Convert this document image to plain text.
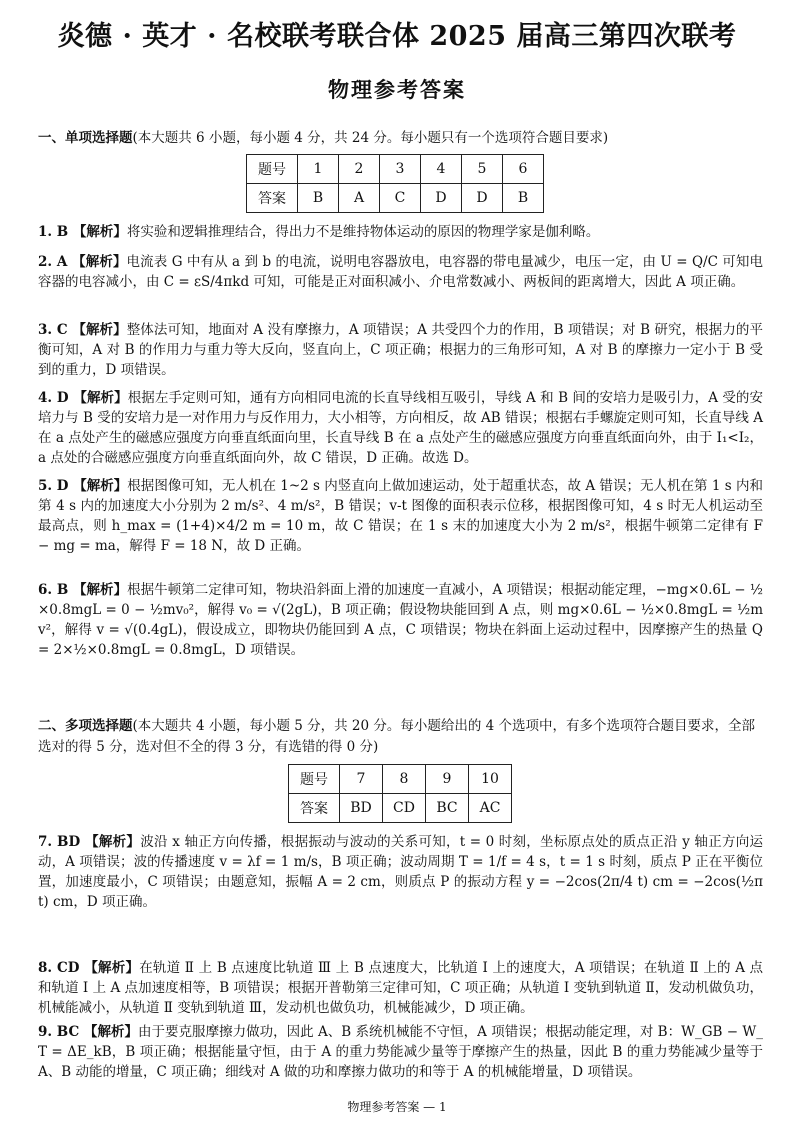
炎德 · 英才 · 名校联考联合体 2025 届高三第四次联考
物理参考答案
一、单项选择题(本大题共 6 小题，每小题 4 分，共 24 分。每小题只有一个选项符合题目要求)
题号	1	2	3	4	5	6
答案	B	A	C	D	D	B
1. B 【解析】将实验和逻辑推理结合，得出力不是维持物体运动的原因的物理学家是伽利略。
2. A 【解析】电流表 G 中有从 a 到 b 的电流，说明电容器放电，电容器的带电量减少，电压一定，由 U = Q/C 可知电容器的电容减小，由 C = εS/4πkd 可知，可能是正对面积减小、介电常数减小、两板间的距离增大，因此 A 项正确。
3. C 【解析】整体法可知，地面对 A 没有摩擦力，A 项错误；A 共受四个力的作用，B 项错误；对 B 研究，根据力的平衡可知，A 对 B 的作用力与重力等大反向，竖直向上，C 项正确；根据力的三角形可知，A 对 B 的摩擦力一定小于 B 受到的重力，D 项错误。
4. D 【解析】根据左手定则可知，通有方向相同电流的长直导线相互吸引，导线 A 和 B 间的安培力是吸引力，A 受的安培力与 B 受的安培力是一对作用力与反作用力，大小相等，方向相反，故 AB 错误；根据右手螺旋定则可知，长直导线 A 在 a 点处产生的磁感应强度方向垂直纸面向里，长直导线 B 在 a 点处产生的磁感应强度方向垂直纸面向外，由于 I₁<I₂，a 点处的合磁感应强度方向垂直纸面向外，故 C 错误，D 正确。故选 D。
5. D 【解析】根据图像可知，无人机在 1~2 s 内竖直向上做加速运动，处于超重状态，故 A 错误；无人机在第 1 s 内和第 4 s 内的加速度大小分别为 2 m/s²、4 m/s²，B 错误；v-t 图像的面积表示位移，根据图像可知，4 s 时无人机运动至最高点，则 h_max = (1+4)×4/2 m = 10 m，故 C 错误；在 1 s 末的加速度大小为 2 m/s²，根据牛顿第二定律有 F − mg = ma，解得 F = 18 N，故 D 正确。
6. B 【解析】根据牛顿第二定律可知，物块沿斜面上滑的加速度一直减小，A 项错误；根据动能定理，−mg×0.6L − ½×0.8mgL = 0 − ½mv₀²，解得 v₀ = √(2gL)，B 项正确；假设物块能回到 A 点，则 mg×0.6L − ½×0.8mgL = ½mv²，解得 v = √(0.4gL)，假设成立，即物块仍能回到 A 点，C 项错误；物块在斜面上运动过程中，因摩擦产生的热量 Q = 2×½×0.8mgL = 0.8mgL，D 项错误。
二、多项选择题(本大题共 4 小题，每小题 5 分，共 20 分。每小题给出的 4 个选项中，有多个选项符合题目要求，全部选对的得 5 分，选对但不全的得 3 分，有选错的得 0 分)
题号	7	8	9	10
答案	BD	CD	BC	AC
7. BD 【解析】波沿 x 轴正方向传播，根据振动与波动的关系可知，t = 0 时刻，坐标原点处的质点正沿 y 轴正方向运动，A 项错误；波的传播速度 v = λf = 1 m/s，B 项正确；波动周期 T = 1/f = 4 s，t = 1 s 时刻，质点 P 正在平衡位置，加速度最小，C 项错误；由题意知，振幅 A = 2 cm，则质点 P 的振动方程 y = −2cos(2π/4 t) cm = −2cos(½πt) cm，D 项正确。
8. CD 【解析】在轨道 Ⅱ 上 B 点速度比轨道 Ⅲ 上 B 点速度大，比轨道 Ⅰ 上的速度大，A 项错误；在轨道 Ⅱ 上的 A 点和轨道 Ⅰ 上 A 点加速度相等，B 项错误；根据开普勒第三定律可知，C 项正确；从轨道 Ⅰ 变轨到轨道 Ⅱ，发动机做负功，机械能减小，从轨道 Ⅱ 变轨到轨道 Ⅲ，发动机也做负功，机械能减少，D 项正确。
9. BC 【解析】由于要克服摩擦力做功，因此 A、B 系统机械能不守恒，A 项错误；根据动能定理，对 B：W_GB − W_T = ΔE_kB，B 项正确；根据能量守恒，由于 A 的重力势能减少量等于摩擦产生的热量，因此 B 的重力势能减少量等于 A、B 动能的增量，C 项正确；细线对 A 做的功和摩擦力做功的和等于 A 的机械能增量，D 项错误。
物理参考答案 — 1
